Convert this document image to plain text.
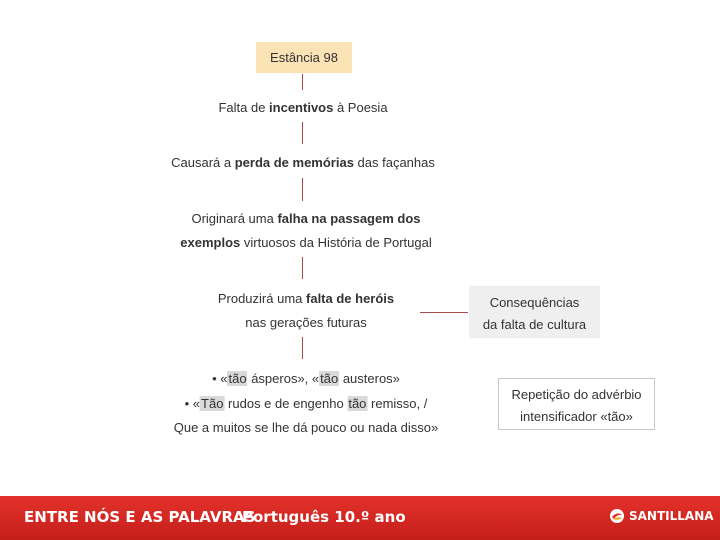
Estância 98
Falta de incentivos à Poesia
Causará a perda de memórias das façanhas
Originará uma falha na passagem dos
exemplos virtuosos da História de Portugal
Produzirá uma falta de heróis
nas gerações futuras
• «tão ásperos», «tão austeros»
• «Tão rudos e de engenho tão remisso, /
Que a muitos se lhe dá pouco ou nada disso»
Consequências
da falta de cultura
Repetição do advérbio
intensificador «tão»
ENTRE NÓS E AS PALAVRAS
Português 10.º ano	SANTILLANA
